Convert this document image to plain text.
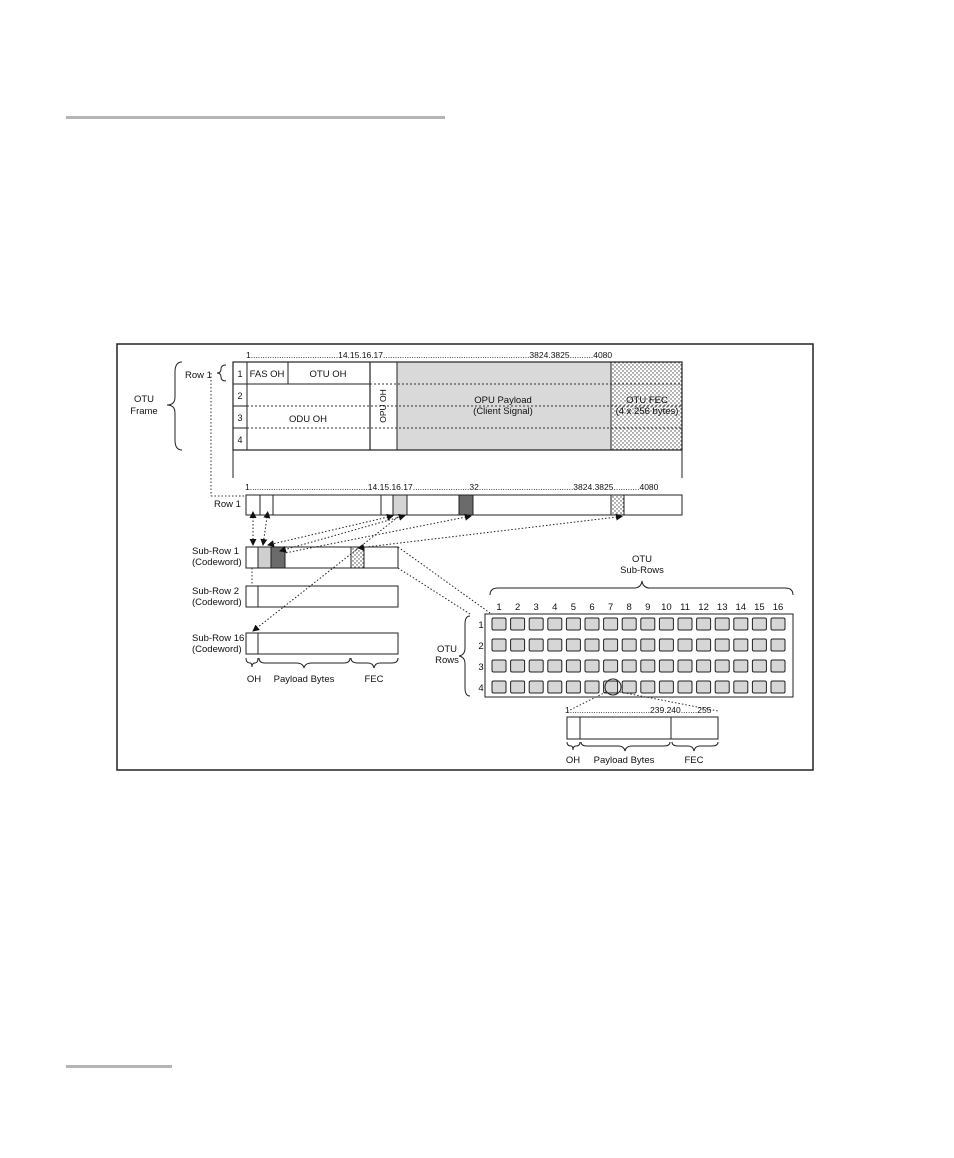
1.....................................14.15.16.17..............................................................3824.3825..........4080
1
2
3
4
FAS OH	OTU OH
ODU OH	OPU OH	OPU Payload
(Client Signal)
OTU FEC
(4 x 256 bytes)
Row 1
OTU
Frame
1..................................................14.15.16.17........................32........................................3824.3825...........4080
Row 1
Sub-Row 1
(Codeword)
Sub-Row 2
(Codeword)
Sub-Row 16
(Codeword)
OH Payload Bytes	FEC
OTU
Sub-Rows
1 2 3 4 5 6 7 8 9 10 11 12 13 14 15 16
1
2
3
4
OTU
Rows
1..................................239.240.......255
OH Payload Bytes	FEC
